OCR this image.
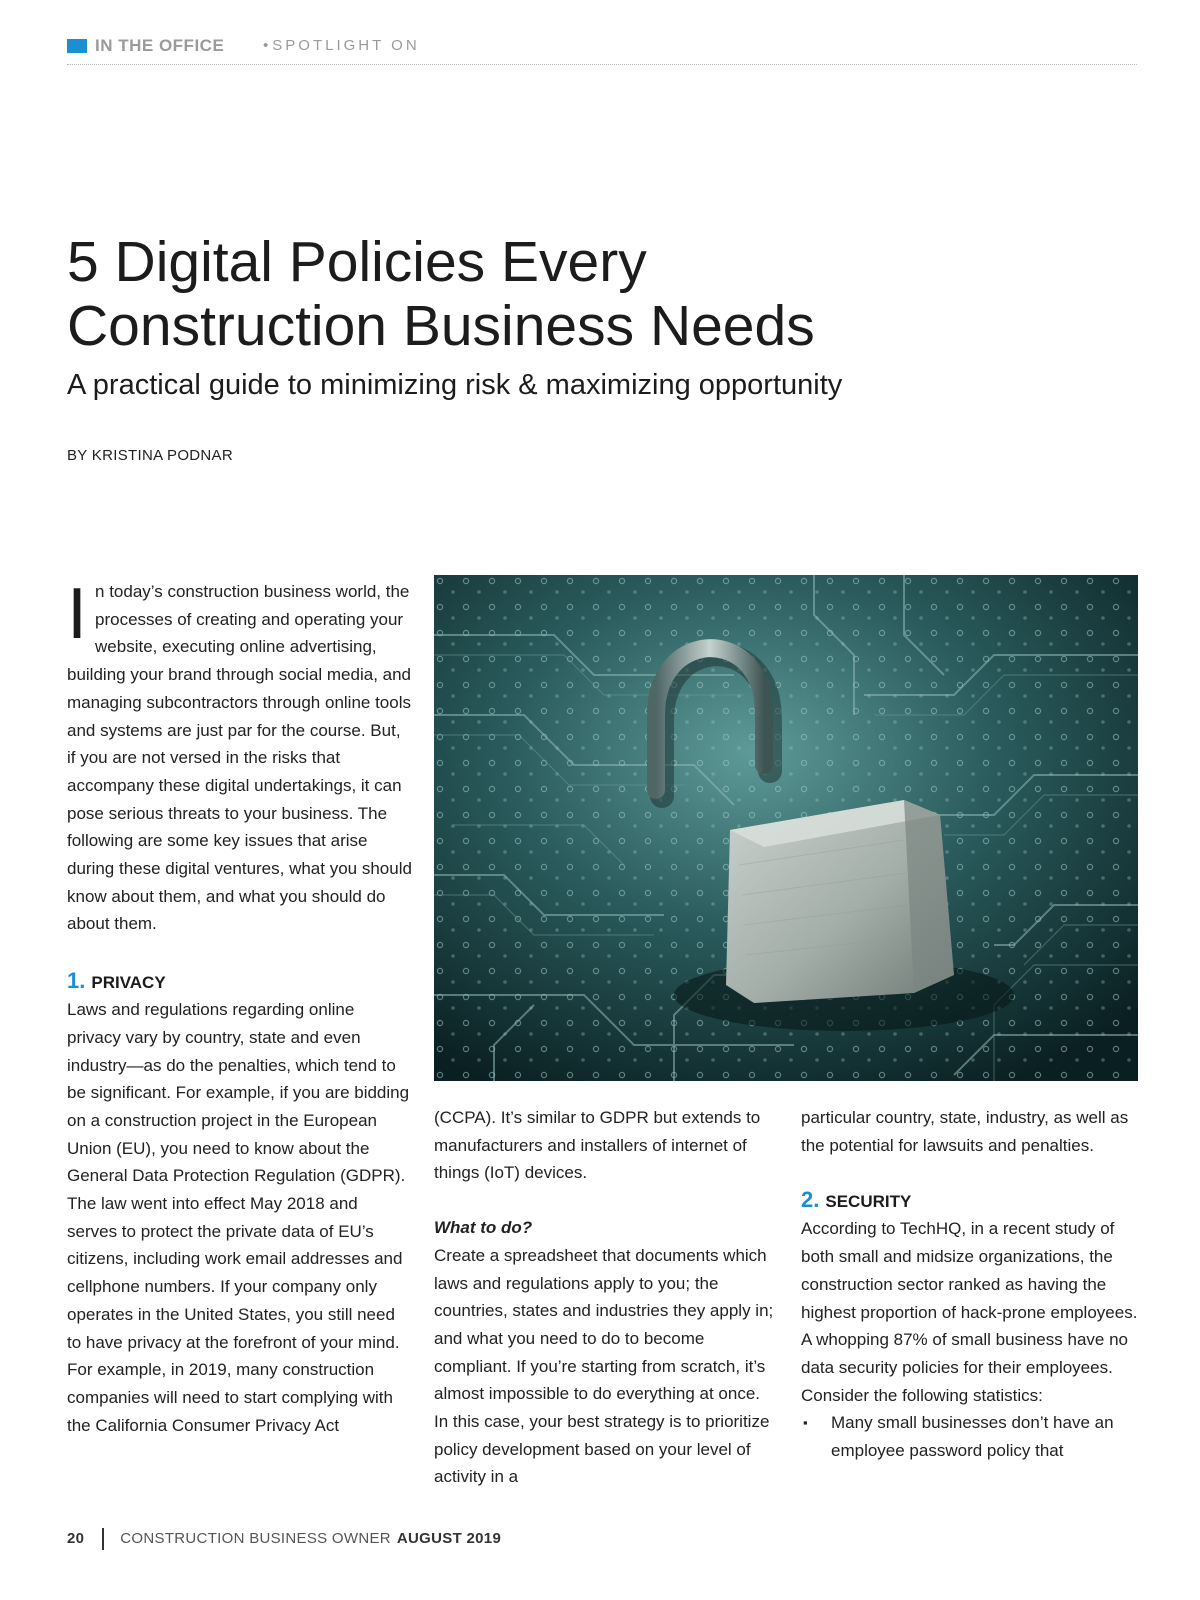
IN THE OFFICE
•	SPOTLIGHT ON
5 Digital Policies Every
Construction Business Needs
A practical guide to minimizing risk & maximizing opportunity
BY KRISTINA PODNAR

In today’s construction business world, the processes of creating and operating your website, executing online advertising, building your brand through social media, and managing subcontractors through online tools and systems are just par for the course. But, if you are not versed in the risks that accompany these digital undertakings, it can pose serious threats to your business. The following are some key issues that arise during these digital ventures, what you should know about them, and what you should do about them.

1. PRIVACY

Laws and regulations regarding online privacy vary by country, state and even industry—as do the penalties, which tend to be significant. For example, if you are bidding on a construction project in the European Union (EU), you need to know about the General Data Protection Regulation (GDPR). The law went into effect May 2018 and serves to protect the private data of EU’s citizens, including work email addresses and cellphone numbers. If your company only operates in the United States, you still need to have privacy at the forefront of your mind. For example, in 2019, many construction companies will need to start complying with the California Consumer Privacy Act

(CCPA). It’s similar to GDPR but extends to manufacturers and installers of internet of things (IoT) devices.

What to do?

Create a spreadsheet that documents which laws and regulations apply to you; the countries, states and industries they apply in; and what you need to do to become compliant. If you’re starting from scratch, it’s almost impossible to do everything at once. In this case, your best strategy is to prioritize policy development based on your level of activity in a

particular country, state, industry, as well as the potential for lawsuits and penalties.

2. SECURITY

According to TechHQ, in a recent study of both small and midsize organizations, the construction sector ranked as having the highest proportion of hack-prone employees. A whopping 87% of small business have no data security policies for their employees. Consider the following statistics:

▪ Many small businesses don’t have an employee password policy that

20 CONSTRUCTION BUSINESS OWNER AUGUST 2019
